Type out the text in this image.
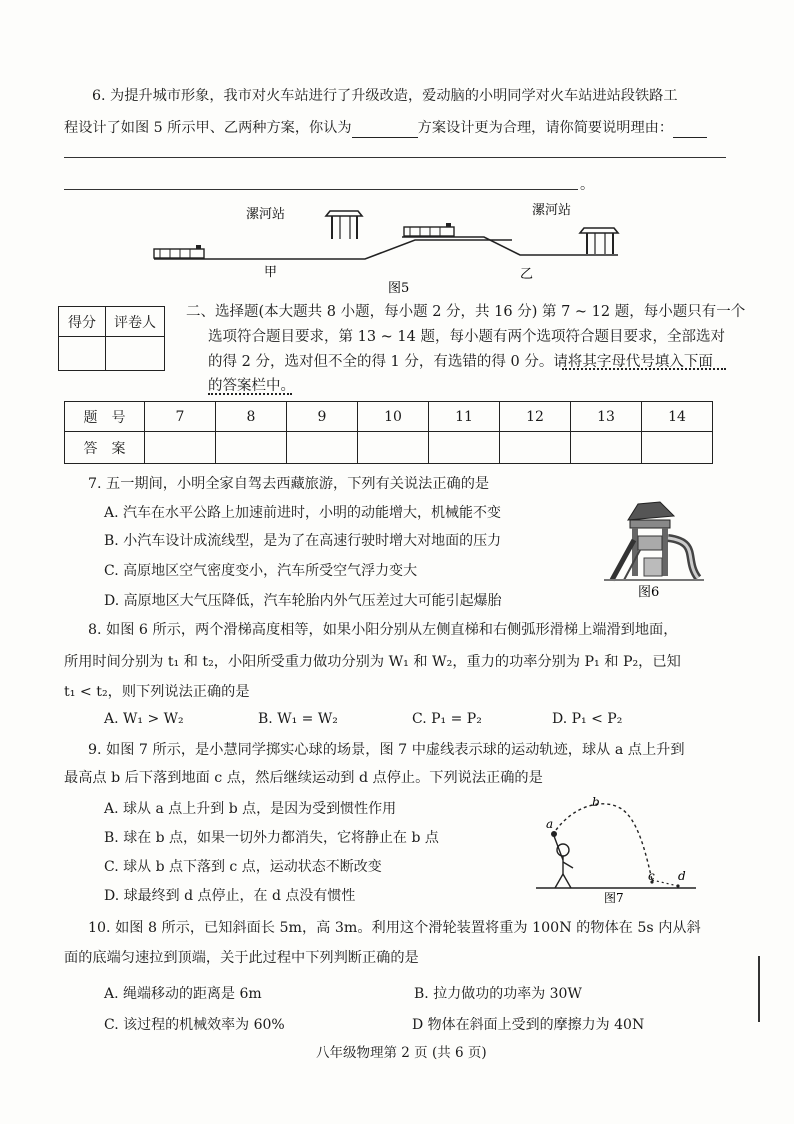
6. 为提升城市形象，我市对火车站进行了升级改造，爱动脑的小明同学对火车站进站段铁路工
程设计了如图 5 所示甲、乙两种方案，你认为	方案设计更为合理，请你简要说明理由：
。
漯河站	漯河站
甲	乙
图5
得分	评卷人

二、选择题(本大题共 8 小题，每小题 2 分，共 16 分) 第 7 ~ 12 题，每小题只有一个
选项符合题目要求，第 13 ~ 14 题，每小题有两个选项符合题目要求，全部选对
的得 2 分，选对但不全的得 1 分，有选错的得 0 分。请将其字母代号填入下面
的答案栏中。
题　号	7	8	9	10	11	12	13	14
答　案								
7. 五一期间，小明全家自驾去西藏旅游，下列有关说法正确的是
A. 汽车在水平公路上加速前进时，小明的动能增大，机械能不变
B. 小汽车设计成流线型，是为了在高速行驶时增大对地面的压力
C. 高原地区空气密度变小，汽车所受空气浮力变大
D. 高原地区大气压降低，汽车轮胎内外气压差过大可能引起爆胎
图6
8. 如图 6 所示，两个滑梯高度相等，如果小阳分别从左侧直梯和右侧弧形滑梯上端滑到地面，
所用时间分别为 t₁ 和 t₂，小阳所受重力做功分别为 W₁ 和 W₂，重力的功率分别为 P₁ 和 P₂，已知
t₁ < t₂，则下列说法正确的是
A. W₁ > W₂	B. W₁ = W₂	C. P₁ = P₂	D. P₁ < P₂
9. 如图 7 所示，是小慧同学掷实心球的场景，图 7 中虚线表示球的运动轨迹，球从 a 点上升到
最高点 b 后下落到地面 c 点，然后继续运动到 d 点停止。下列说法正确的是
A. 球从 a 点上升到 b 点，是因为受到惯性作用
B. 球在 b 点，如果一切外力都消失，它将静止在 b 点
C. 球从 b 点下落到 c 点，运动状态不断改变
D. 球最终到 d 点停止，在 d 点没有惯性
a
b
c d
图7
10. 如图 8 所示，已知斜面长 5m，高 3m。利用这个滑轮装置将重为 100N 的物体在 5s 内从斜
面的底端匀速拉到顶端，关于此过程中下列判断正确的是
A. 绳端移动的距离是 6m	B. 拉力做功的功率为 30W
C. 该过程的机械效率为 60%	D 物体在斜面上受到的摩擦力为 40N
八年级物理第 2 页 (共 6 页)
